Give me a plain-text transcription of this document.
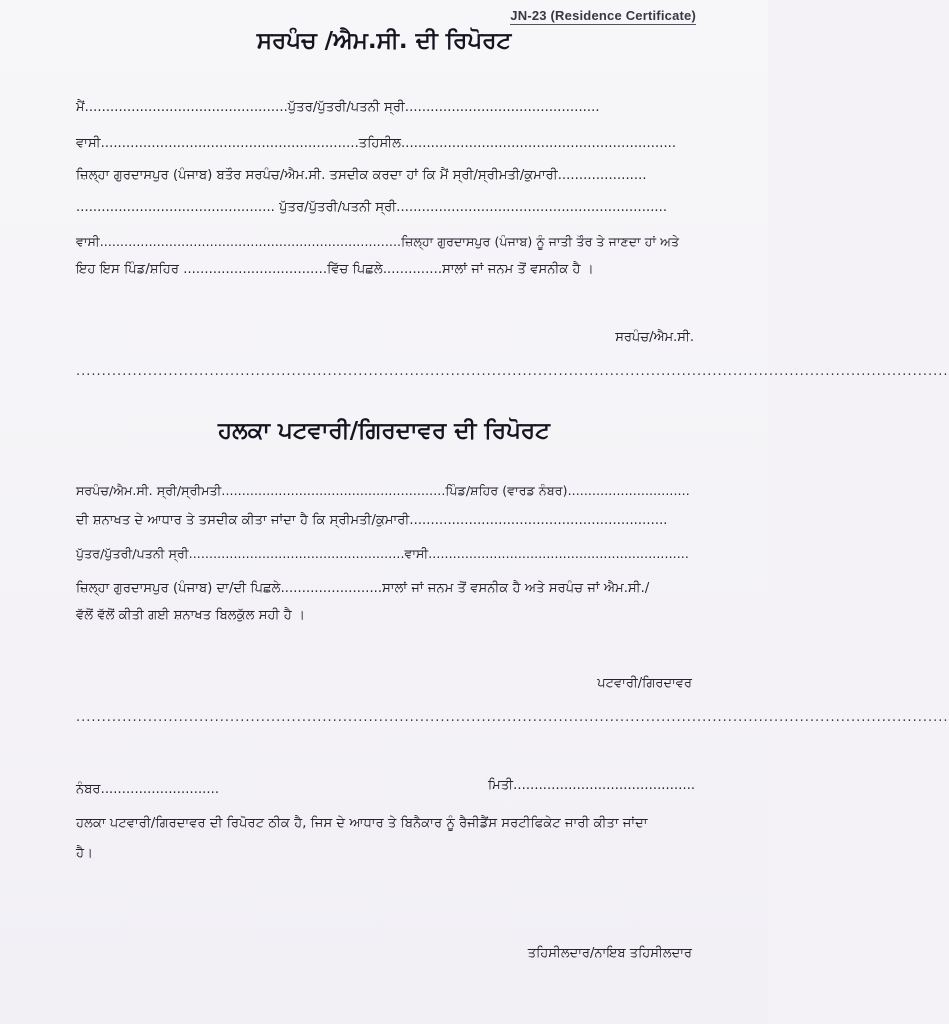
JN-23 (Residence Certificate)
ਸਰਪੰਚ /ਐਮ.ਸੀ. ਦੀ ਰਿਪੋਰਟ
ਮੈਂ................................................ਪੁੱਤਰ/ਪੁੱਤਰੀ/ਪਤਨੀ ਸ੍ਰੀ..............................................
ਵਾਸੀ.............................................................ਤਹਿਸੀਲ.................................................................
ਜ਼ਿਲ੍ਹਾ ਗੁਰਦਾਸਪੁਰ (ਪੰਜਾਬ) ਬਤੌਰ ਸਰਪੰਚ/ਐਮ.ਸੀ. ਤਸਦੀਕ ਕਰਦਾ ਹਾਂ ਕਿ ਮੈਂ ਸ੍ਰੀ/ਸ੍ਰੀਮਤੀ/ਕੁਮਾਰੀ.....................
............................................... ਪੁੱਤਰ/ਪੁੱਤਰੀ/ਪਤਨੀ ਸ੍ਰੀ................................................................
ਵਾਸੀ..........................................................................ਜ਼ਿਲ੍ਹਾ ਗੁਰਦਾਸਪੁਰ (ਪੰਜਾਬ) ਨੂੰ ਜਾਤੀ ਤੌਰ ਤੇ ਜਾਣਦਾ ਹਾਂ ਅਤੇ
ਇਹ ਇਸ ਪਿੰਡ/ਸ਼ਹਿਰ ..................................ਵਿੱਚ ਪਿਛਲੇ..............ਸਾਲਾਂ ਜਾਂ ਜਨਮ ਤੋਂ ਵਸਨੀਕ ਹੈ ।
ਸਰਪੰਚ/ਐਮ.ਸੀ.
..........................................................................................................................................................................
ਹਲਕਾ ਪਟਵਾਰੀ/ਗਿਰਦਾਵਰ ਦੀ ਰਿਪੋਰਟ
ਸਰਪੰਚ/ਐਮ.ਸੀ. ਸ੍ਰੀ/ਸ੍ਰੀਮਤੀ.......................................................ਪਿੰਡ/ਸ਼ਹਿਰ (ਵਾਰਡ ਨੰਬਰ)..............................
ਦੀ ਸ਼ਨਾਖਤ ਦੇ ਆਧਾਰ ਤੇ ਤਸਦੀਕ ਕੀਤਾ ਜਾਂਦਾ ਹੈ ਕਿ ਸ੍ਰੀਮਤੀ/ਕੁਮਾਰੀ.............................................................
ਪੁੱਤਰ/ਪੁੱਤਰੀ/ਪਤਨੀ ਸ੍ਰੀ.....................................................ਵਾਸੀ................................................................
ਜ਼ਿਲ੍ਹਾ ਗੁਰਦਾਸਪੁਰ (ਪੰਜਾਬ) ਦਾ/ਦੀ ਪਿਛਲੇ........................ਸਾਲਾਂ ਜਾਂ ਜਨਮ ਤੋਂ ਵਸਨੀਕ ਹੈ ਅਤੇ ਸਰਪੰਚ ਜਾਂ ਐਮ.ਸੀ./
ਵੱਲੋਂ ਵੱਲੋਂ ਕੀਤੀ ਗਈ ਸ਼ਨਾਖਤ ਬਿਲਕੁੱਲ ਸਹੀ ਹੈ ।
ਪਟਵਾਰੀ/ਗਿਰਦਾਵਰ
..........................................................................................................................................................................
ਨੰਬਰ............................	ਮਿਤੀ...........................................
ਹਲਕਾ ਪਟਵਾਰੀ/ਗਿਰਦਾਵਰ ਦੀ ਰਿਪੋਰਟ ਠੀਕ ਹੈ, ਜਿਸ ਦੇ ਆਧਾਰ ਤੇ ਬਿਨੈਕਾਰ ਨੂੰ ਰੈਜੀਡੈਂਸ ਸਰਟੀਫਿਕੇਟ ਜਾਰੀ ਕੀਤਾ ਜਾਂਦਾ
ਹੈ।
ਤਹਿਸੀਲਦਾਰ/ਨਾਇਬ ਤਹਿਸੀਲਦਾਰ
